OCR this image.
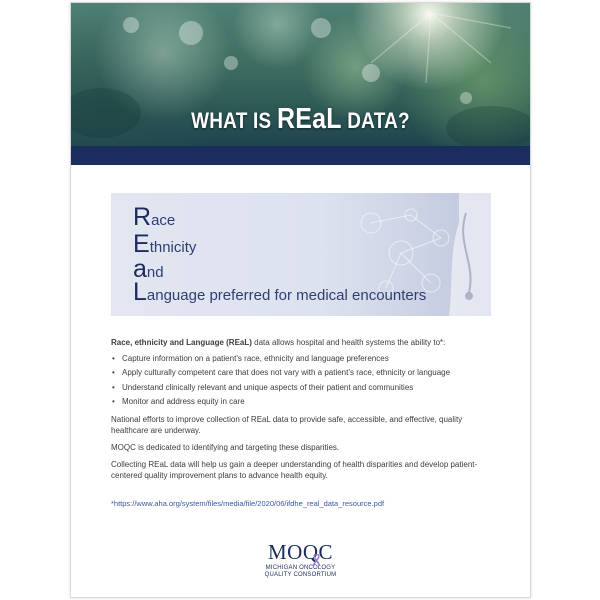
WHAT IS REaL DATA?
Race
Ethnicity
and
Language preferred for medical encounters
Race, ethnicity and Language (REaL) data allows hospital and health systems the ability to*:
• Capture information on a patient’s race, ethnicity and language preferences
• Apply culturally competent care that does not vary with a patient’s race, ethnicity or language
• Understand clinically relevant and unique aspects of their patient and communities
• Monitor and address equity in care
National efforts to improve collection of REaL data to provide safe, accessible, and effective, quality healthcare are underway.
MOQC is dedicated to identifying and targeting these disparities.
Collecting REaL data will help us gain a deeper understanding of health disparities and develop patient-centered quality improvement plans to advance health equity.
*https://www.aha.org/system/files/media/file/2020/06/ifdhe_real_data_resource.pdf
MOQC
MICHIGAN ONCOLOGY
QUALITY CONSORTIUM
